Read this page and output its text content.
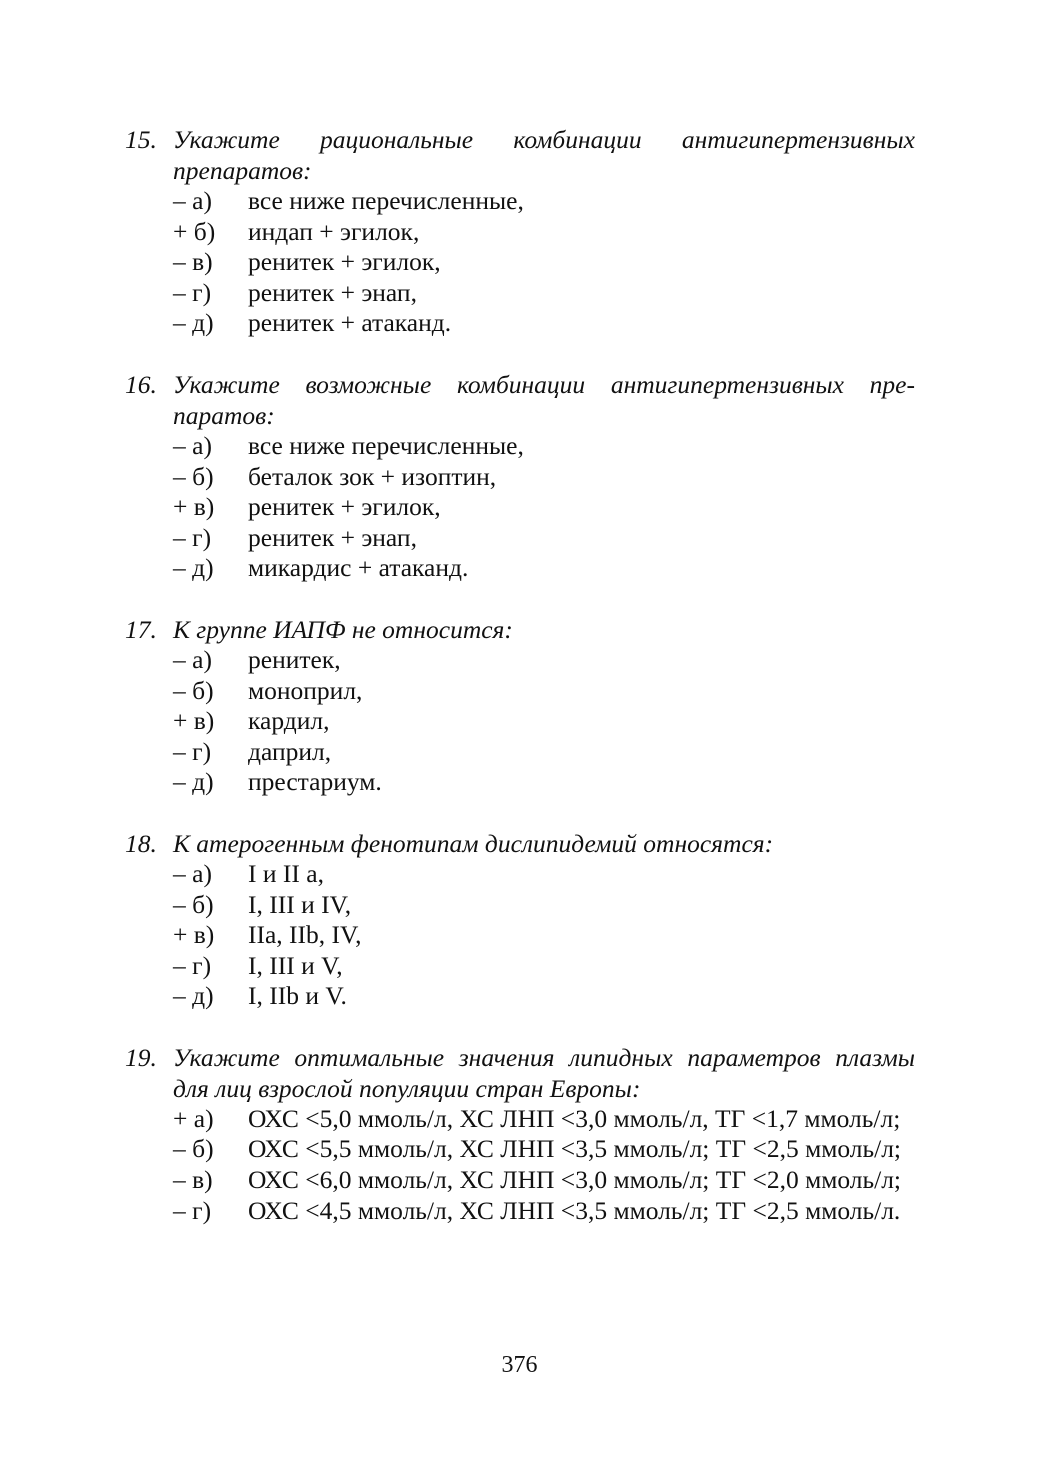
15. Укажите рациональные комбинации антигипертензивных препаратов:
– а)	все ниже перечисленные,
+ б)	индап + эгилок,
– в)	ренитек + эгилок,
– г)	ренитек + энап,
– д)	ренитек + атаканд.
16. Укажите возможные комбинации антигипертензивных пре-паратов:
– а)	все ниже перечисленные,
– б)	беталок зок + изоптин,
+ в)	ренитек + эгилок,
– г)	ренитек + энап,
– д)	микардис + атаканд.
17. К группе ИАПФ не относится:
– а)	ренитек,
– б)	моноприл,
+ в)	кардил,
– г)	даприл,
– д)	престариум.
18. К атерогенным фенотипам дислипидемий относятся:
– а)	I и II а,
– б)	I, III и IV,
+ в)	IIa, IIb, IV,
– г)	I, III и V,
– д)	I, IIb и V.
19. Укажите оптимальные значения липидных параметров плазмы для лиц взрослой популяции стран Европы:
+ а)	ОХС <5,0 ммоль/л, ХС ЛНП <3,0 ммоль/л, ТГ <1,7 ммоль/л;
– б)	ОХС <5,5 ммоль/л, ХС ЛНП <3,5 ммоль/л; ТГ <2,5 ммоль/л;
– в)	ОХС <6,0 ммоль/л, ХС ЛНП <3,0 ммоль/л; ТГ <2,0 ммоль/л;
– г)	ОХС <4,5 ммоль/л, ХС ЛНП <3,5 ммоль/л; ТГ <2,5 ммоль/л.
376
